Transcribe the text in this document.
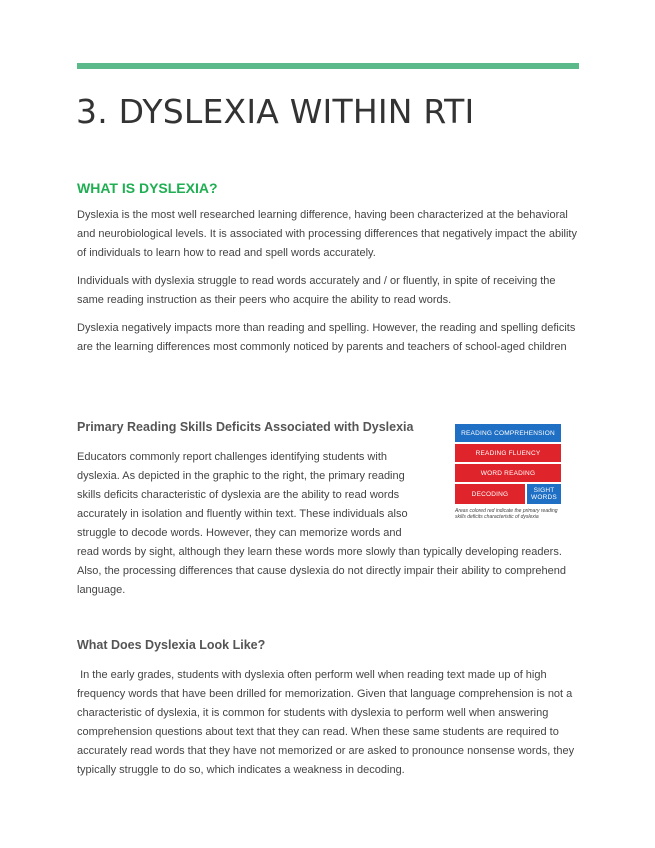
3. DYSLEXIA WITHIN RTI
WHAT IS DYSLEXIA?

Dyslexia is the most well researched learning difference, having been characterized at the behavioral and neurobiological levels. It is associated with processing differences that negatively impact the ability of individuals to learn how to read and spell words accurately.

Individuals with dyslexia struggle to read words accurately and / or fluently, in spite of receiving the same reading instruction as their peers who acquire the ability to read words.

Dyslexia negatively impacts more than reading and spelling. However, the reading and spelling deficits are the learning differences most commonly noticed by parents and teachers of school-aged children

Primary Reading Skills Deficits Associated with Dyslexia
Educators commonly report challenges identifying students with
dyslexia. As depicted in the graphic to the right, the primary reading
skills deficits characteristic of dyslexia are the ability to read words
accurately in isolation and fluently within text. These individuals also
struggle to decode words. However, they can memorize words and

read words by sight, although they learn these words more slowly than typically developing readers. Also, the processing differences that cause dyslexia do not directly impair their ability to comprehend language.

READING COMPREHENSION
READING FLUENCY
WORD READING
DECODING	SIGHT WORDS
Areas colored red indicate the primary reading skills deficits characteristic of dyslexia
What Does Dyslexia Look Like?

In the early grades, students with dyslexia often perform well when reading text made up of high frequency words that have been drilled for memorization. Given that language comprehension is not a characteristic of dyslexia, it is common for students with dyslexia to perform well when answering comprehension questions about text that they can read. When these same students are required to accurately read words that they have not memorized or are asked to pronounce nonsense words, they typically struggle to do so, which indicates a weakness in decoding.
